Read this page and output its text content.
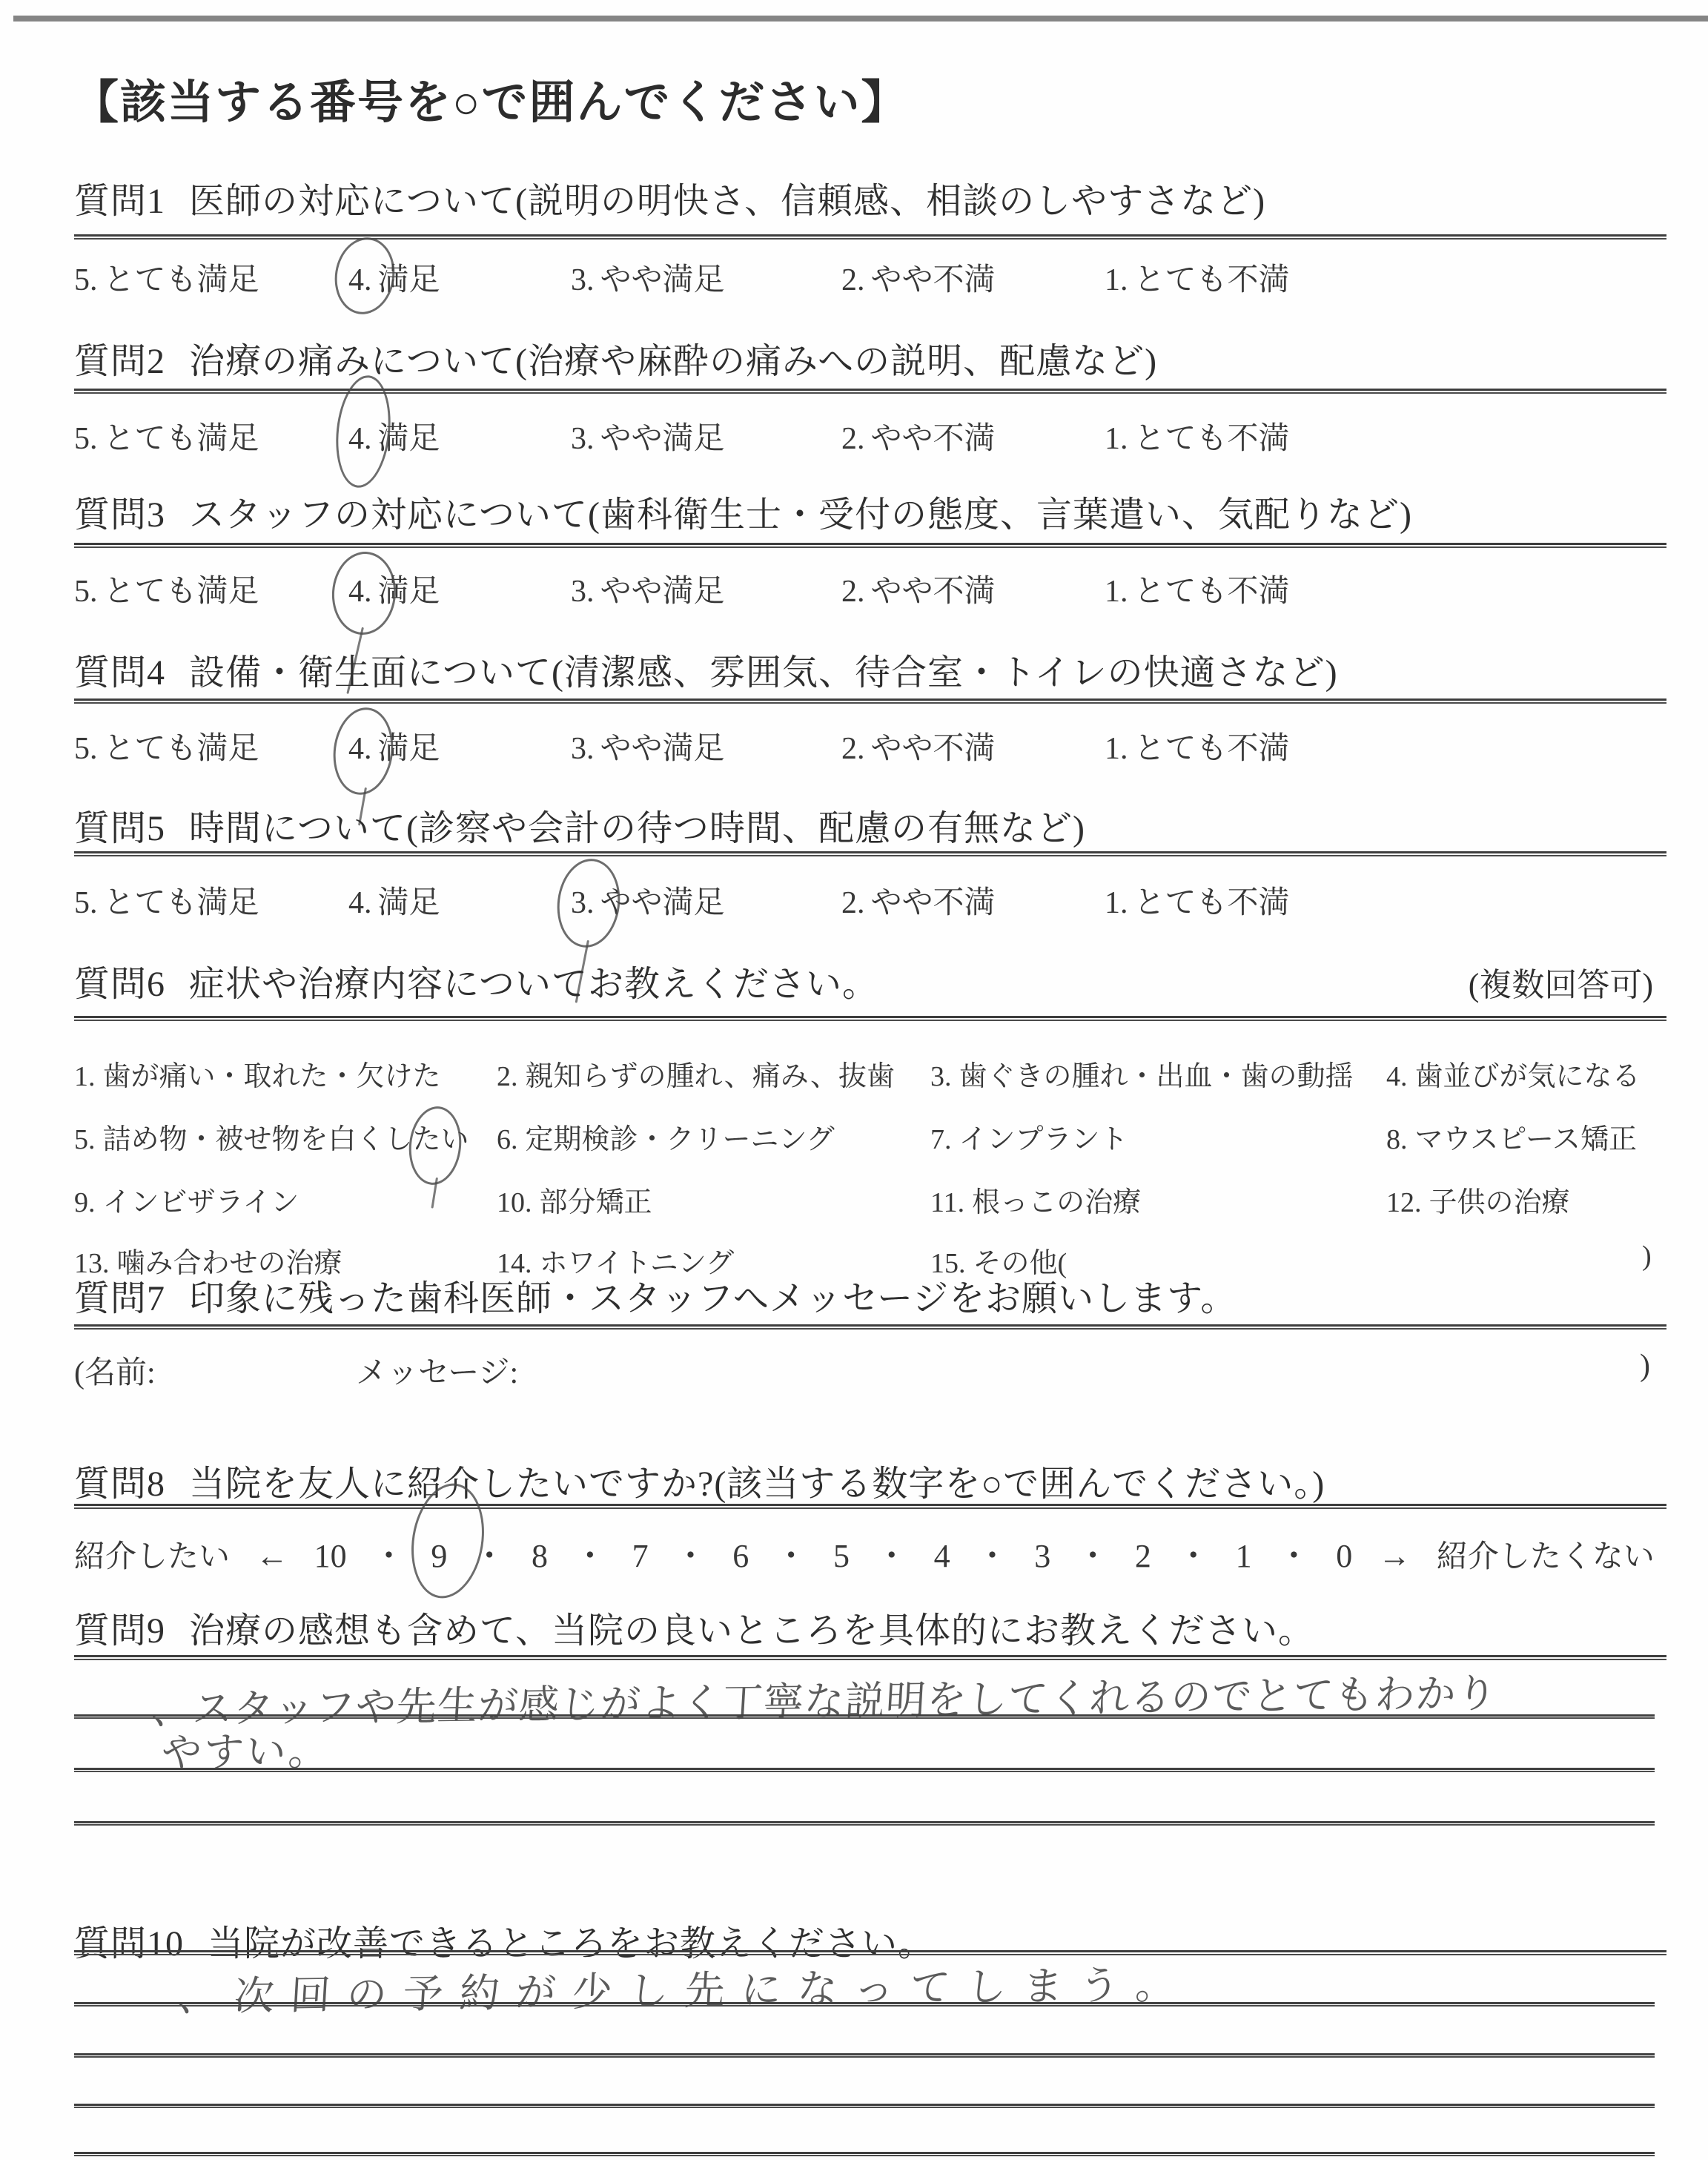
【該当する番号を○で囲んでください】
質問1 医師の対応について(説明の明快さ、信頼感、相談のしやすさなど)
5. とても満足	4. 満足	3. やや満足	2. やや不満	1. とても不満
質問2 治療の痛みについて(治療や麻酔の痛みへの説明、配慮など)
5. とても満足	4. 満足	3. やや満足	2. やや不満	1. とても不満
質問3 スタッフの対応について(歯科衛生士・受付の態度、言葉遣い、気配りなど)
5. とても満足	4. 満足	3. やや満足	2. やや不満	1. とても不満
質問4 設備・衛生面について(清潔感、雰囲気、待合室・トイレの快適さなど)
5. とても満足	4. 満足	3. やや満足	2. やや不満	1. とても不満
質問5 時間について(診察や会計の待つ時間、配慮の有無など)
5. とても満足	4. 満足	3. やや満足	2. やや不満	1. とても不満
質問6 症状や治療内容についてお教えください。	(複数回答可)
1. 歯が痛い・取れた・欠けた 2. 親知らずの腫れ、痛み、抜歯 3. 歯ぐきの腫れ・出血・歯の動揺 4. 歯並びが気になる
5. 詰め物・被せ物を白くしたい 6. 定期検診・クリーニング	7. インプラント	8. マウスピース矯正
9. インビザライン	10. 部分矯正	11. 根っこの治療	12. 子供の治療
13. 噛み合わせの治療	14. ホワイトニング	15. その他(	)
質問7 印象に残った歯科医師・スタッフへメッセージをお願いします。
(名前:	メッセージ:	)
質問8 当院を友人に紹介したいですか?(該当する数字を○で囲んでください。)
紹介したい ← 10 ・ 9 ・ 8 ・ 7 ・ 6 ・ 5 ・ 4 ・ 3 ・ 2 ・ 1 ・ 0 → 紹介したくない
質問9 治療の感想も含めて、当院の良いところを具体的にお教えください。
、スタッフや先生が感じがよく丁寧な説明をしてくれるのでとてもわかり
やすい。
質問10 当院が改善できるところをお教えください。
、次回の予約が少し先になってしまう。
